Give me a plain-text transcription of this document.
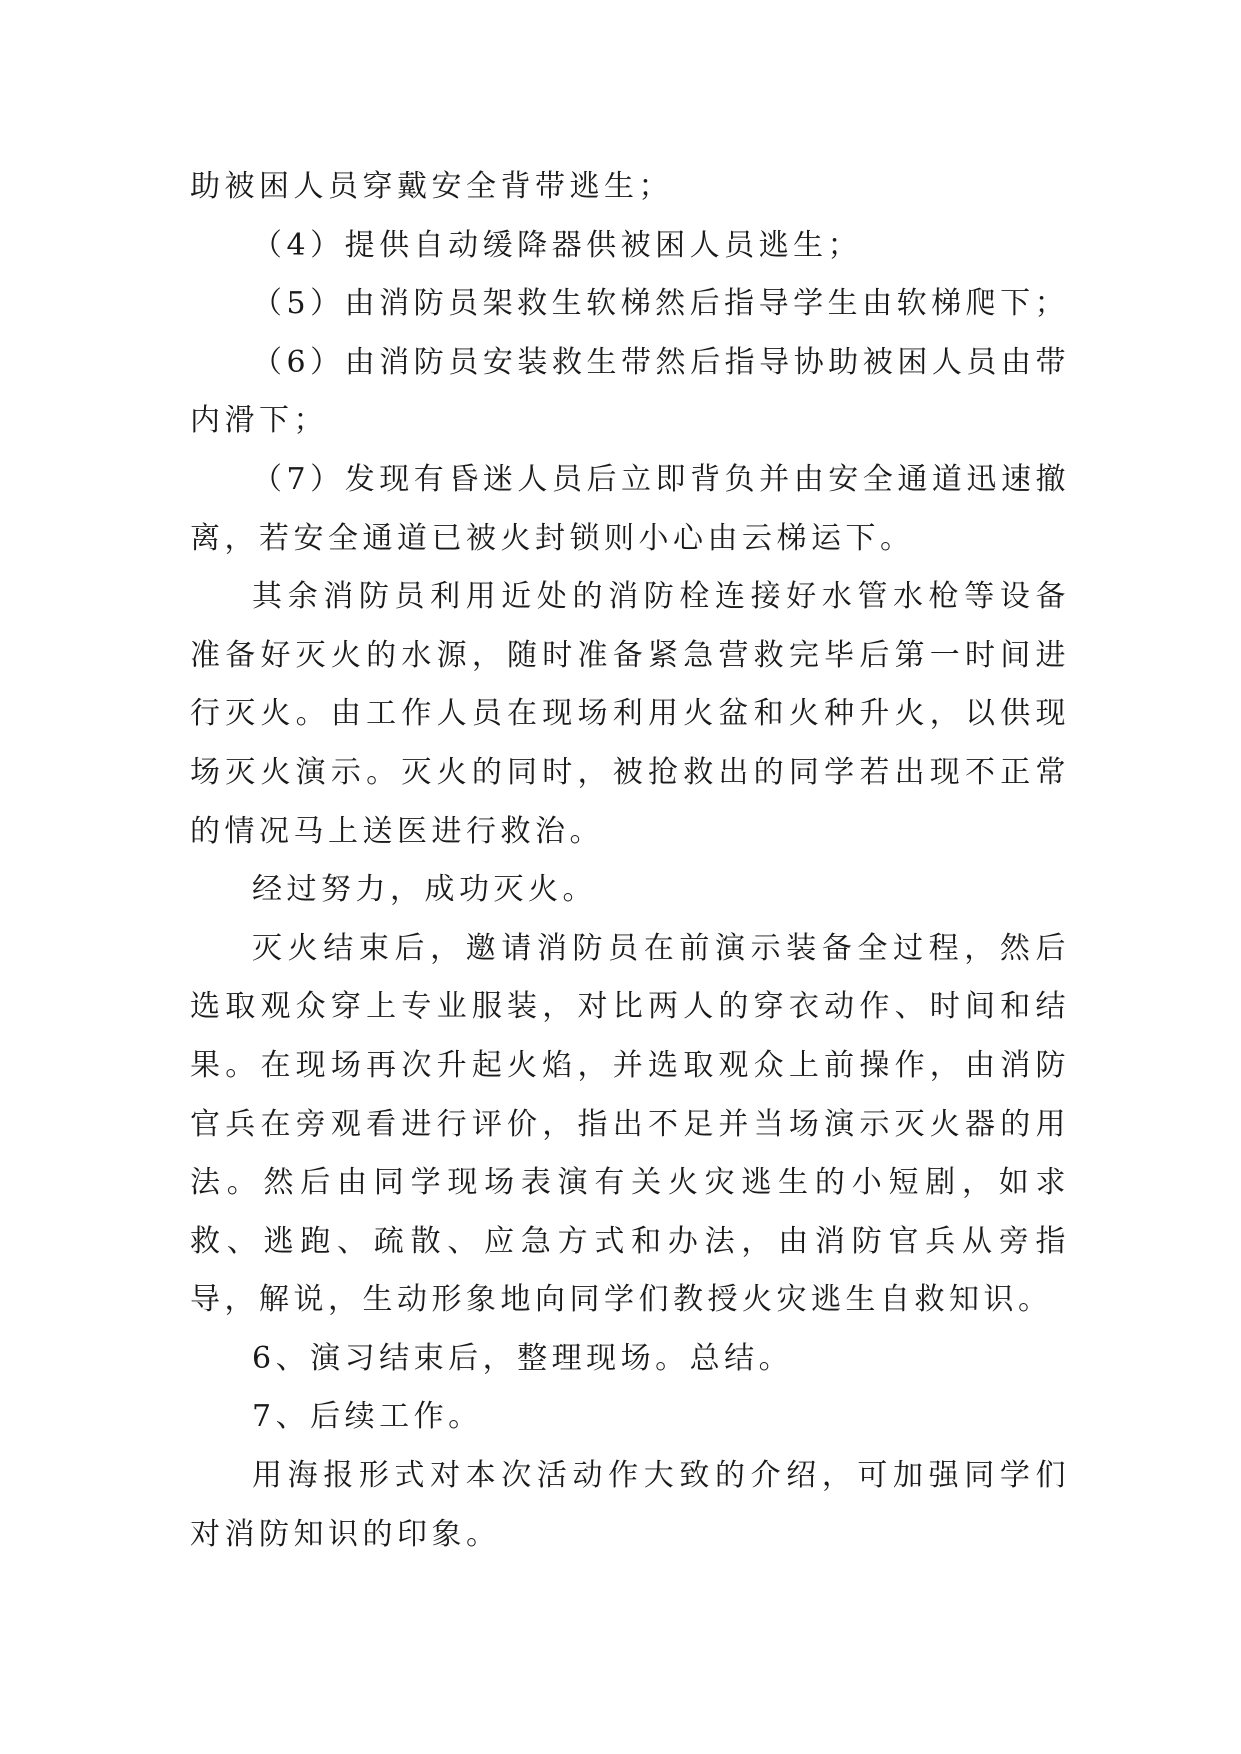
助被困人员穿戴安全背带逃生；

（4）提供自动缓降器供被困人员逃生；

（5）由消防员架救生软梯然后指导学生由软梯爬下；

（6）由消防员安装救生带然后指导协助被困人员由带内滑下；

（7）发现有昏迷人员后立即背负并由安全通道迅速撤离，若安全通道已被火封锁则小心由云梯运下。

其余消防员利用近处的消防栓连接好水管水枪等设备准备好灭火的水源，随时准备紧急营救完毕后第一时间进行灭火。由工作人员在现场利用火盆和火种升火，以供现场灭火演示。灭火的同时，被抢救出的同学若出现不正常的情况马上送医进行救治。

经过努力，成功灭火。

灭火结束后，邀请消防员在前演示装备全过程，然后选取观众穿上专业服装，对比两人的穿衣动作、时间和结果。在现场再次升起火焰，并选取观众上前操作，由消防官兵在旁观看进行评价，指出不足并当场演示灭火器的用法。然后由同学现场表演有关火灾逃生的小短剧，如求救、逃跑、疏散、应急方式和办法，由消防官兵从旁指导，解说，生动形象地向同学们教授火灾逃生自救知识。

6、演习结束后，整理现场。总结。

7、后续工作。

用海报形式对本次活动作大致的介绍，可加强同学们对消防知识的印象。
